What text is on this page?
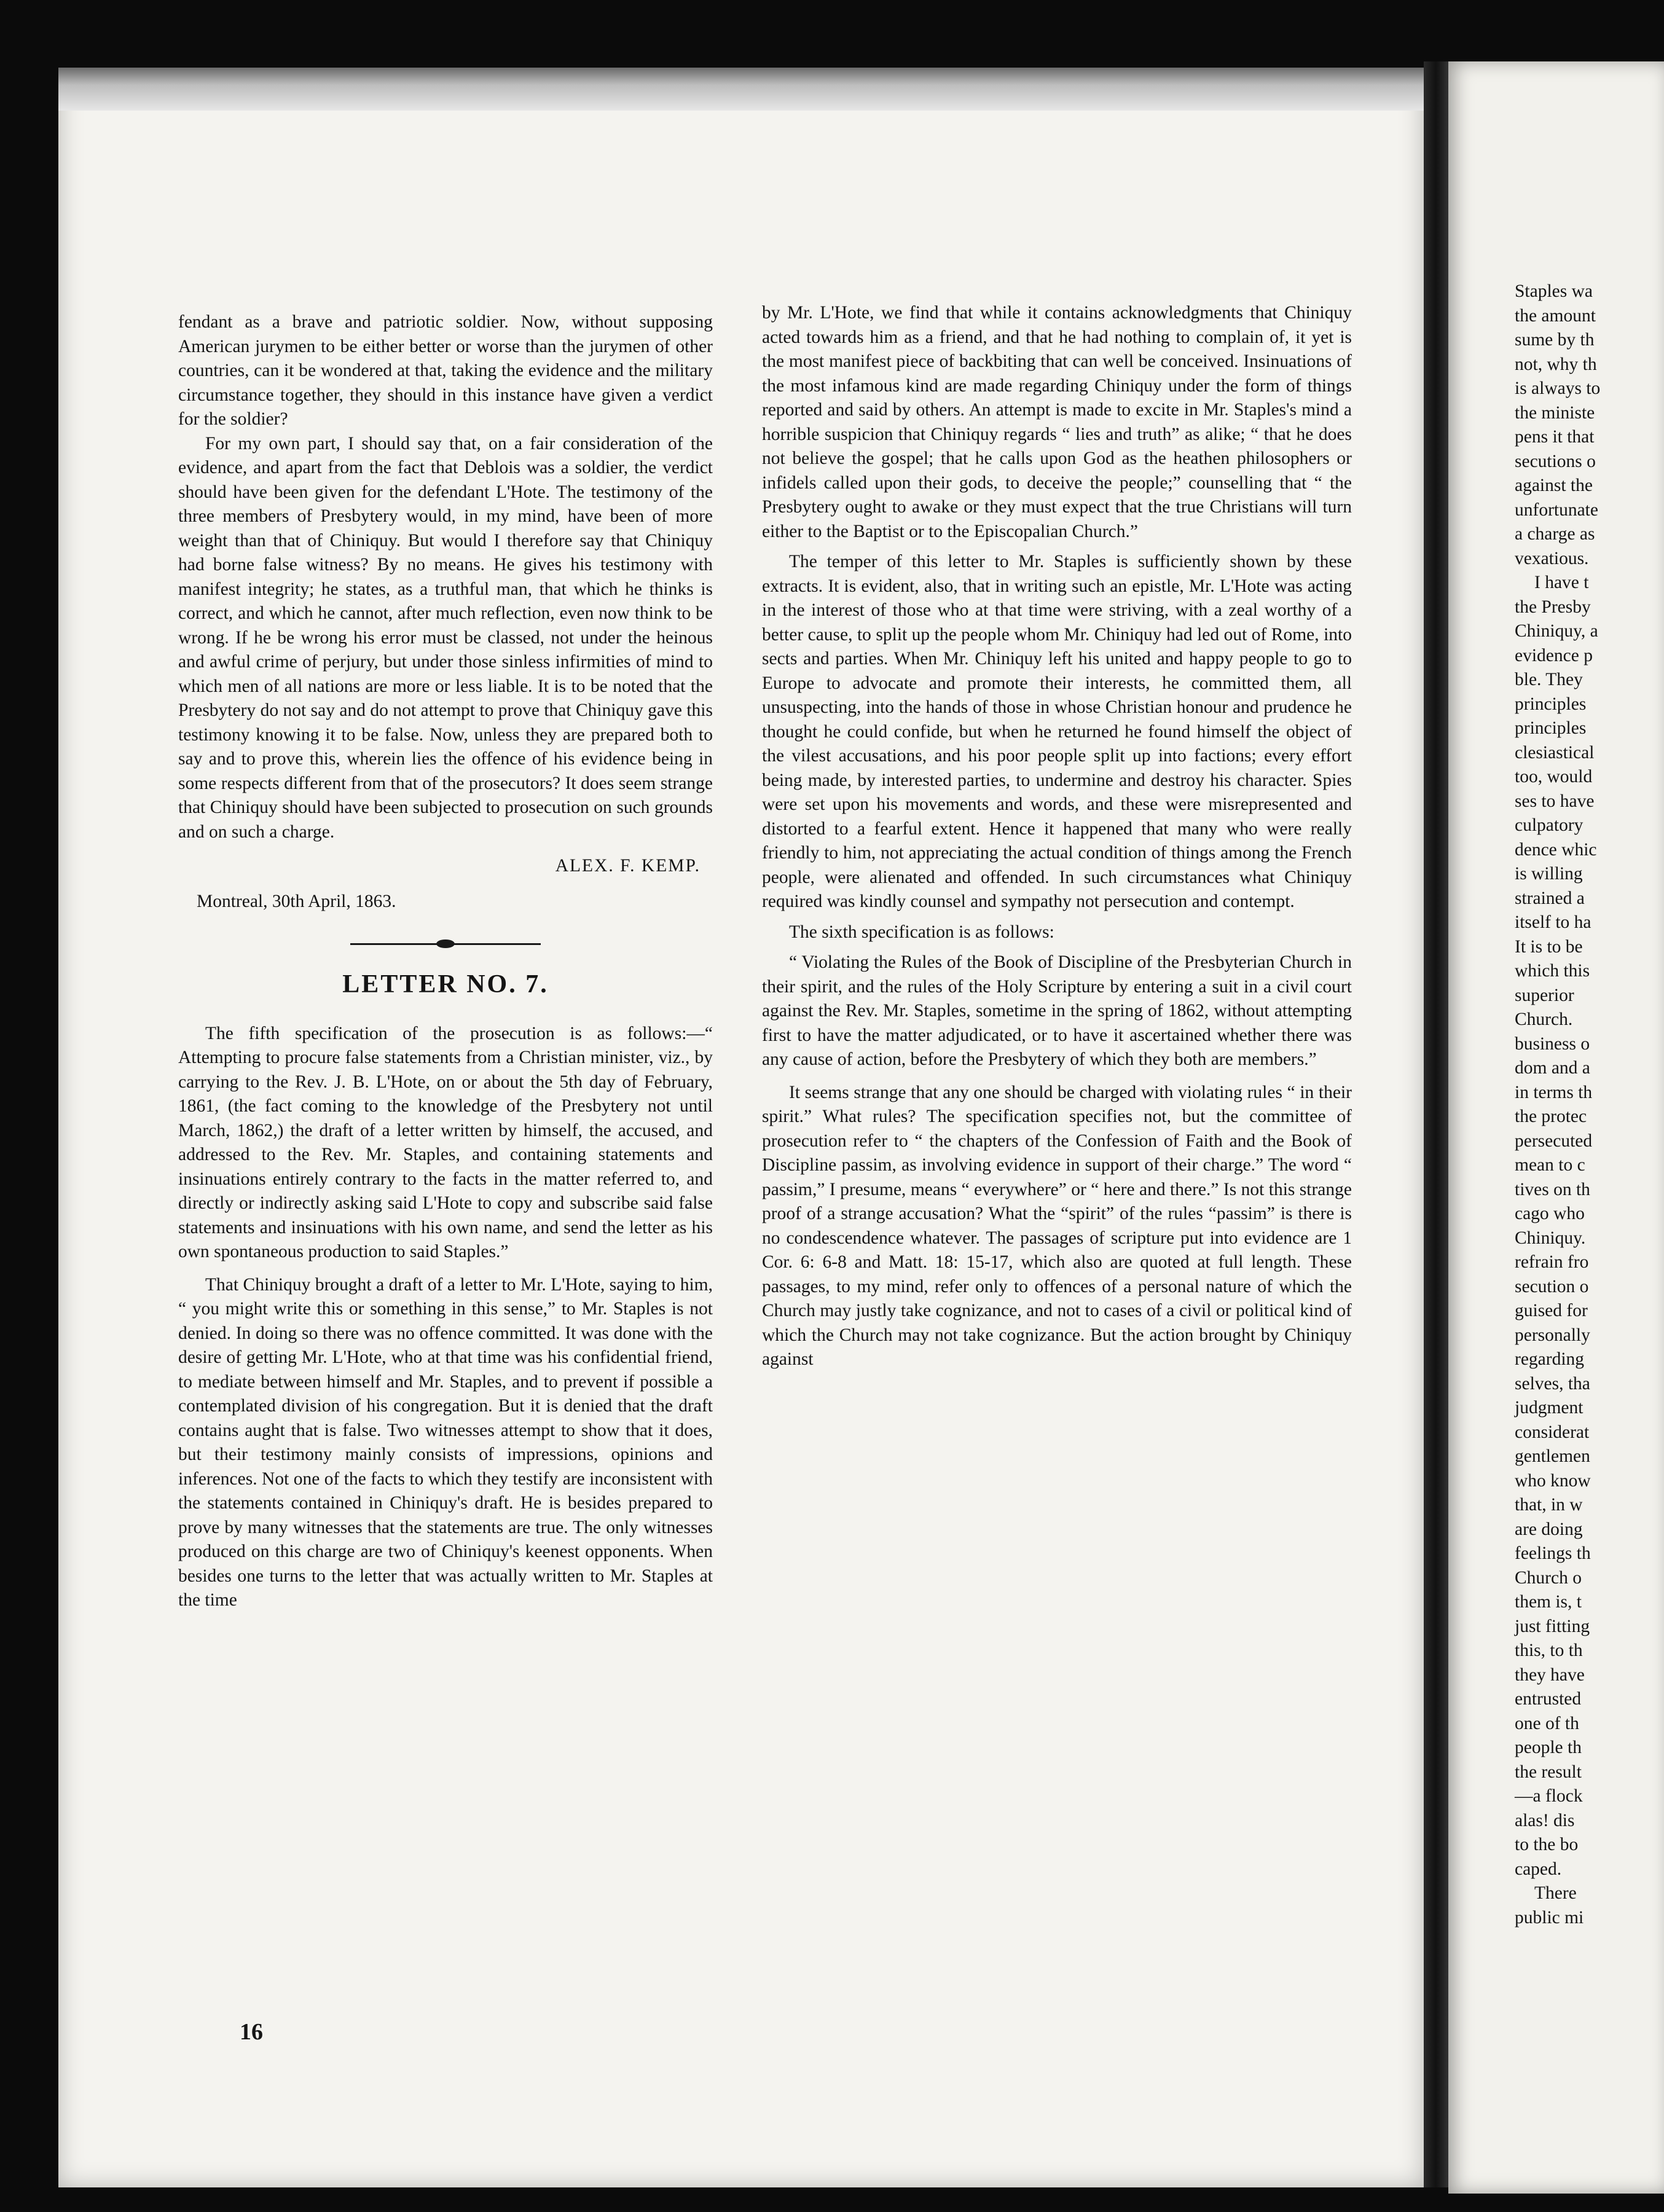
fendant as a brave and patriotic soldier. Now, without supposing American jurymen to be either better or worse than the jurymen of other countries, can it be wondered at that, taking the evidence and the military circumstance together, they should in this instance have given a verdict for the soldier?

For my own part, I should say that, on a fair consideration of the evidence, and apart from the fact that Deblois was a soldier, the verdict should have been given for the defendant L'Hote. The testimony of the three members of Presbytery would, in my mind, have been of more weight than that of Chiniquy. But would I therefore say that Chiniquy had borne false witness? By no means. He gives his testimony with manifest integrity; he states, as a truthful man, that which he thinks is correct, and which he cannot, after much reflection, even now think to be wrong. If he be wrong his error must be classed, not under the heinous and awful crime of perjury, but under those sinless infirmities of mind to which men of all nations are more or less liable. It is to be noted that the Presbytery do not say and do not attempt to prove that Chiniquy gave this testimony knowing it to be false. Now, unless they are prepared both to say and to prove this, wherein lies the offence of his evidence being in some respects different from that of the prosecutors? It does seem strange that Chiniquy should have been subjected to prosecution on such grounds and on such a charge.

ALEX. F. KEMP.

Montreal, 30th April, 1863.

LETTER NO. 7.

The fifth specification of the prosecution is as follows:—“ Attempting to procure false statements from a Christian minister, viz., by carrying to the Rev. J. B. L'Hote, on or about the 5th day of February, 1861, (the fact coming to the knowledge of the Presbytery not until March, 1862,) the draft of a letter written by himself, the accused, and addressed to the Rev. Mr. Staples, and containing statements and insinuations entirely contrary to the facts in the matter referred to, and directly or indirectly asking said L'Hote to copy and subscribe said false statements and insinuations with his own name, and send the letter as his own spontaneous production to said Staples.”

That Chiniquy brought a draft of a letter to Mr. L'Hote, saying to him, “ you might write this or something in this sense,” to Mr. Staples is not denied. In doing so there was no offence committed. It was done with the desire of getting Mr. L'Hote, who at that time was his confidential friend, to mediate between himself and Mr. Staples, and to prevent if possible a contemplated division of his congregation. But it is denied that the draft contains aught that is false. Two witnesses attempt to show that it does, but their testimony mainly consists of impressions, opinions and inferences. Not one of the facts to which they testify are inconsistent with the statements contained in Chiniquy's draft. He is besides prepared to prove by many witnesses that the statements are true. The only witnesses produced on this charge are two of Chiniquy's keenest opponents. When besides one turns to the letter that was actually written to Mr. Staples at the time

by Mr. L'Hote, we find that while it contains acknowledgments that Chiniquy acted towards him as a friend, and that he had nothing to complain of, it yet is the most manifest piece of backbiting that can well be conceived. Insinuations of the most infamous kind are made regarding Chiniquy under the form of things reported and said by others. An attempt is made to excite in Mr. Staples's mind a horrible suspicion that Chiniquy regards “ lies and truth” as alike; “ that he does not believe the gospel; that he calls upon God as the heathen philosophers or infidels called upon their gods, to deceive the people;” counselling that “ the Presbytery ought to awake or they must expect that the true Christians will turn either to the Baptist or to the Episcopalian Church.”

The temper of this letter to Mr. Staples is sufficiently shown by these extracts. It is evident, also, that in writing such an epistle, Mr. L'Hote was acting in the interest of those who at that time were striving, with a zeal worthy of a better cause, to split up the people whom Mr. Chiniquy had led out of Rome, into sects and parties. When Mr. Chiniquy left his united and happy people to go to Europe to advocate and promote their interests, he committed them, all unsuspecting, into the hands of those in whose Christian honour and prudence he thought he could confide, but when he returned he found himself the object of the vilest accusations, and his poor people split up into factions; every effort being made, by interested parties, to undermine and destroy his character. Spies were set upon his movements and words, and these were misrepresented and distorted to a fearful extent. Hence it happened that many who were really friendly to him, not appreciating the actual condition of things among the French people, were alienated and offended. In such circumstances what Chiniquy required was kindly counsel and sympathy not persecution and contempt.

The sixth specification is as follows:

“ Violating the Rules of the Book of Discipline of the Presbyterian Church in their spirit, and the rules of the Holy Scripture by entering a suit in a civil court against the Rev. Mr. Staples, sometime in the spring of 1862, without attempting first to have the matter adjudicated, or to have it ascertained whether there was any cause of action, before the Presbytery of which they both are members.”

It seems strange that any one should be charged with violating rules “ in their spirit.” What rules? The specification specifies not, but the committee of prosecution refer to “ the chapters of the Confession of Faith and the Book of Discipline passim, as involving evidence in support of their charge.” The word “ passim,” I presume, means “ everywhere” or “ here and there.” Is not this strange proof of a strange accusation? What the “spirit” of the rules “passim” is there is no condescendence whatever. The passages of scripture put into evidence are 1 Cor. 6: 6-8 and Matt. 18: 15-17, which also are quoted at full length. These passages, to my mind, refer only to offences of a personal nature of which the Church may justly take cognizance, and not to cases of a civil or political kind of which the Church may not take cognizance. But the action brought by Chiniquy against

16
Staples wa
the amount
sume by th
not, why th
is always to
the ministe
pens it that
secutions o
against the
unfortunate
a charge as
vexatious.
I have t
the Presby
Chiniquy, a
evidence p
ble. They
principles
principles
clesiastical
too, would
ses to have
culpatory
dence whic
is willing
strained a
itself to ha
It is to be
which this
superior
Church.
business o
dom and a
in terms th
the protec
persecuted
mean to c
tives on th
cago who
Chiniquy.
refrain fro
secution o
guised for
personally
regarding
selves, tha
judgment
considerat
gentlemen
who know
that, in w
are doing
feelings th
Church o
them is, t
just fitting
this, to th
they have
entrusted
one of th
people th
the result
—a flock
alas! dis
to the bo
caped.
There
public mi
